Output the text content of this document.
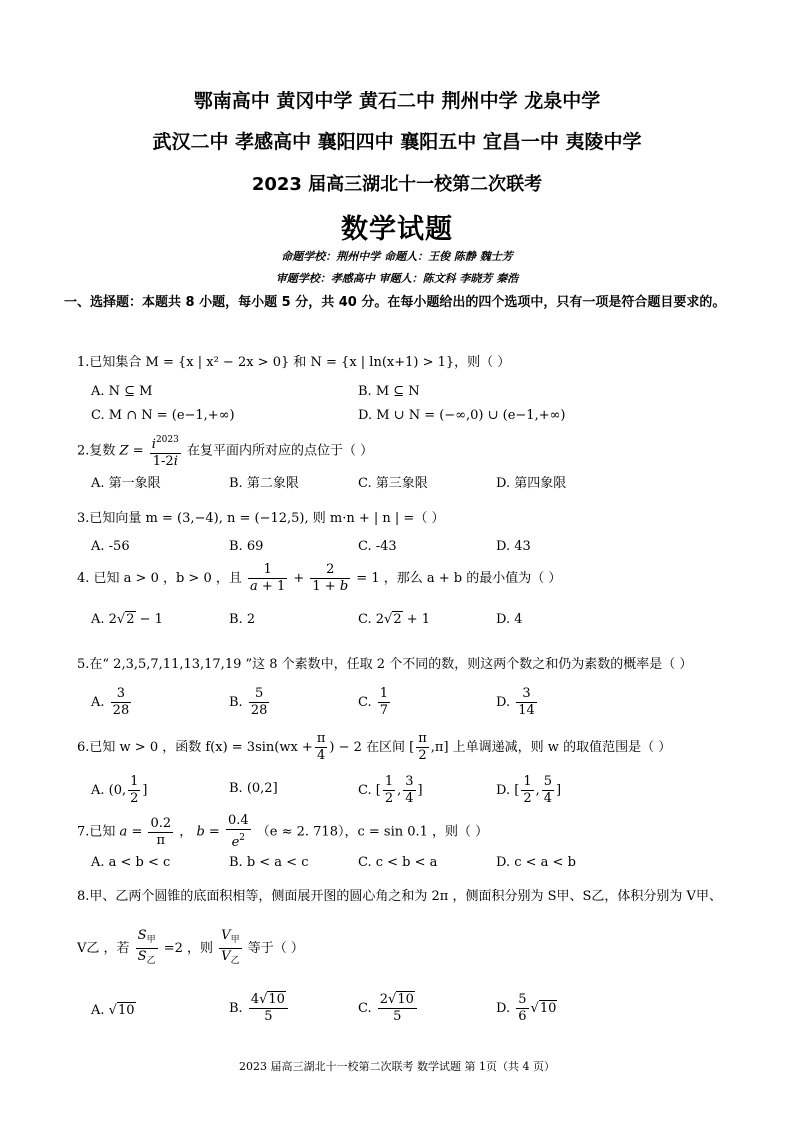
鄂南高中 黄冈中学 黄石二中 荆州中学 龙泉中学
武汉二中 孝感高中 襄阳四中 襄阳五中 宜昌一中 夷陵中学
2023 届高三湖北十一校第二次联考
数学试题
命题学校：荆州中学 命题人：王俊 陈静 魏士芳
审题学校：孝感高中 审题人：陈文科 李晓芳 秦浩
一、选择题：本题共 8 小题，每小题 5 分，共 40 分。在每小题给出的四个选项中，只有一项是符合题目要求的。
1.已知集合 M = {x | x² − 2x > 0} 和 N = {x | ln(x+1) > 1}，则（ ）
A. N ⊆ M	B. M ⊆ N
C. M ∩ N = (e−1,+∞)	D. M ∪ N = (−∞,0) ∪ (e−1,+∞)
2.复数 $Z = \frac{i^{2023}}{1-2i}$ 在复平面内所对应的点位于（ ）
A. 第一象限	B. 第二象限	C. 第三象限	D. 第四象限
3.已知向量 m = (3,−4), n = (−12,5), 则 m·n + | n | =（ ）
A. -56	B. 69	C. -43	D. 43
4. 已知 a > 0 ，b > 0 ，且 $\frac{1}{a + 1} + \frac{2}{1 + b} = 1$ ，那么 a + b 的最小值为（ ）
A. 2√2 − 1	B. 2	C. 2√2 + 1	D. 4
5.在“ 2,3,5,7,11,13,17,19 ”这 8 个素数中，任取 2 个不同的数，则这两个数之和仍为素数的概率是（ ）
A. $\frac{3}{28}$	B. $\frac{5}{28}$	C. $\frac{1}{7}$	D. $\frac{3}{14}$
6.已知 w > 0 ，函数 $f(x) = 3\sin(wx + \frac{\pi}{4}$ ) − 2 在区间 [ $\frac{\pi}{2} ,\pi$] 上单调递减，则 w 的取值范围是（ ）
A. (0, $\frac{1}{2}$ ]	B. (0,2]	C. [ $\frac{1}{2}$ , $\frac{3}{4}$ ]	D. [ $\frac{1}{2}$ , $\frac{5}{4}$ ]
7.已知 $a = \frac{0.2}{\pi}$ ， $b = \frac{0.4}{e^2} (e \approx 2$. 718），c = sin 0.1 ，则（ ）
A. a < b < c	B. b < a < c	C. c < b < a	D. c < a < b
8.甲、乙两个圆锥的底面积相等，侧面展开图的圆心角之和为 2π ，侧面积分别为 S甲、S乙，体积分别为 V甲、
V乙 ，若 $\frac{S_甲}{S_乙} =2$ ，则 $\frac{V_甲}{V_乙}$ 等于（ ）
A. √10	B. $\frac{4√10}{5}$	C. $\frac{2√10}{5}$	D. $\frac{5}{6} √10$
2023 届高三湖北十一校第二次联考 数学试题 第 1页（共 4 页）
